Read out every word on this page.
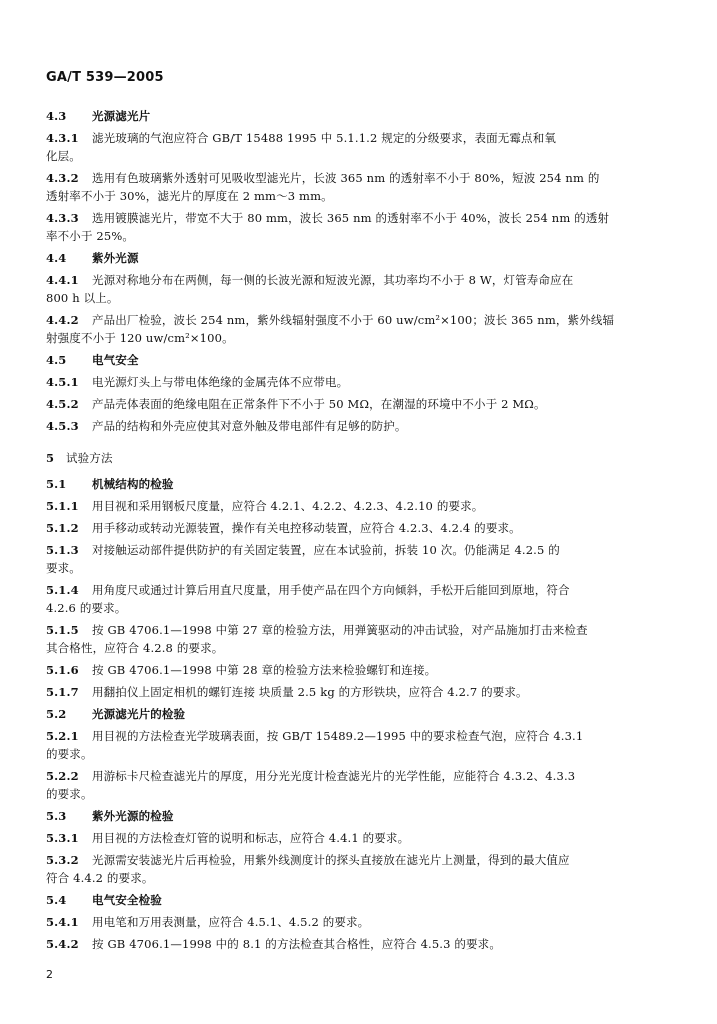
GA/T 539—2005
4.3 光源滤光片
4.3.1 滤光玻璃的气泡应符合 GB/T 15488 1995 中 5.1.1.2 规定的分级要求，表面无霉点和氧
化层。
4.3.2 选用有色玻璃紫外透射可见吸收型滤光片，长波 365 nm 的透射率不小于 80%，短波 254 nm 的
透射率不小于 30%，滤光片的厚度在 2 mm～3 mm。
4.3.3 选用镀膜滤光片，带宽不大于 80 mm，波长 365 nm 的透射率不小于 40%，波长 254 nm 的透射
率不小于 25%。
4.4 紫外光源
4.4.1 光源对称地分布在两侧，每一侧的长波光源和短波光源，其功率均不小于 8 W，灯管寿命应在
800 h 以上。
4.4.2 产品出厂检验，波长 254 nm，紫外线辐射强度不小于 60 uw/cm²×100；波长 365 nm，紫外线辐
射强度不小于 120 uw/cm²×100。
4.5 电气安全
4.5.1 电光源灯头上与带电体绝缘的金属壳体不应带电。
4.5.2 产品壳体表面的绝缘电阻在正常条件下不小于 50 MΩ，在潮湿的环境中不小于 2 MΩ。
4.5.3 产品的结构和外壳应使其对意外触及带电部件有足够的防护。
5 试验方法
5.1 机械结构的检验
5.1.1 用目视和采用钢板尺度量，应符合 4.2.1、4.2.2、4.2.3、4.2.10 的要求。
5.1.2 用手移动或转动光源装置，操作有关电控移动装置，应符合 4.2.3、4.2.4 的要求。
5.1.3 对接触运动部件提供防护的有关固定装置，应在本试验前，拆装 10 次。仍能满足 4.2.5 的
要求。
5.1.4 用角度尺或通过计算后用直尺度量，用手使产品在四个方向倾斜，手松开后能回到原地，符合
4.2.6 的要求。
5.1.5 按 GB 4706.1—1998 中第 27 章的检验方法，用弹簧驱动的冲击试验，对产品施加打击来检查
其合格性，应符合 4.2.8 的要求。
5.1.6 按 GB 4706.1—1998 中第 28 章的检验方法来检验螺钉和连接。
5.1.7 用翻拍仪上固定相机的螺钉连接 块质量 2.5 kg 的方形铁块，应符合 4.2.7 的要求。
5.2 光源滤光片的检验
5.2.1 用目视的方法检查光学玻璃表面，按 GB/T 15489.2—1995 中的要求检查气泡，应符合 4.3.1
的要求。
5.2.2 用游标卡尺检查滤光片的厚度，用分光光度计检查滤光片的光学性能，应能符合 4.3.2、4.3.3
的要求。
5.3 紫外光源的检验
5.3.1 用目视的方法检查灯管的说明和标志，应符合 4.4.1 的要求。
5.3.2 光源需安装滤光片后再检验，用紫外线测度计的探头直接放在滤光片上测量，得到的最大值应
符合 4.4.2 的要求。
5.4 电气安全检验
5.4.1 用电笔和万用表测量，应符合 4.5.1、4.5.2 的要求。
5.4.2 按 GB 4706.1—1998 中的 8.1 的方法检查其合格性，应符合 4.5.3 的要求。
2
